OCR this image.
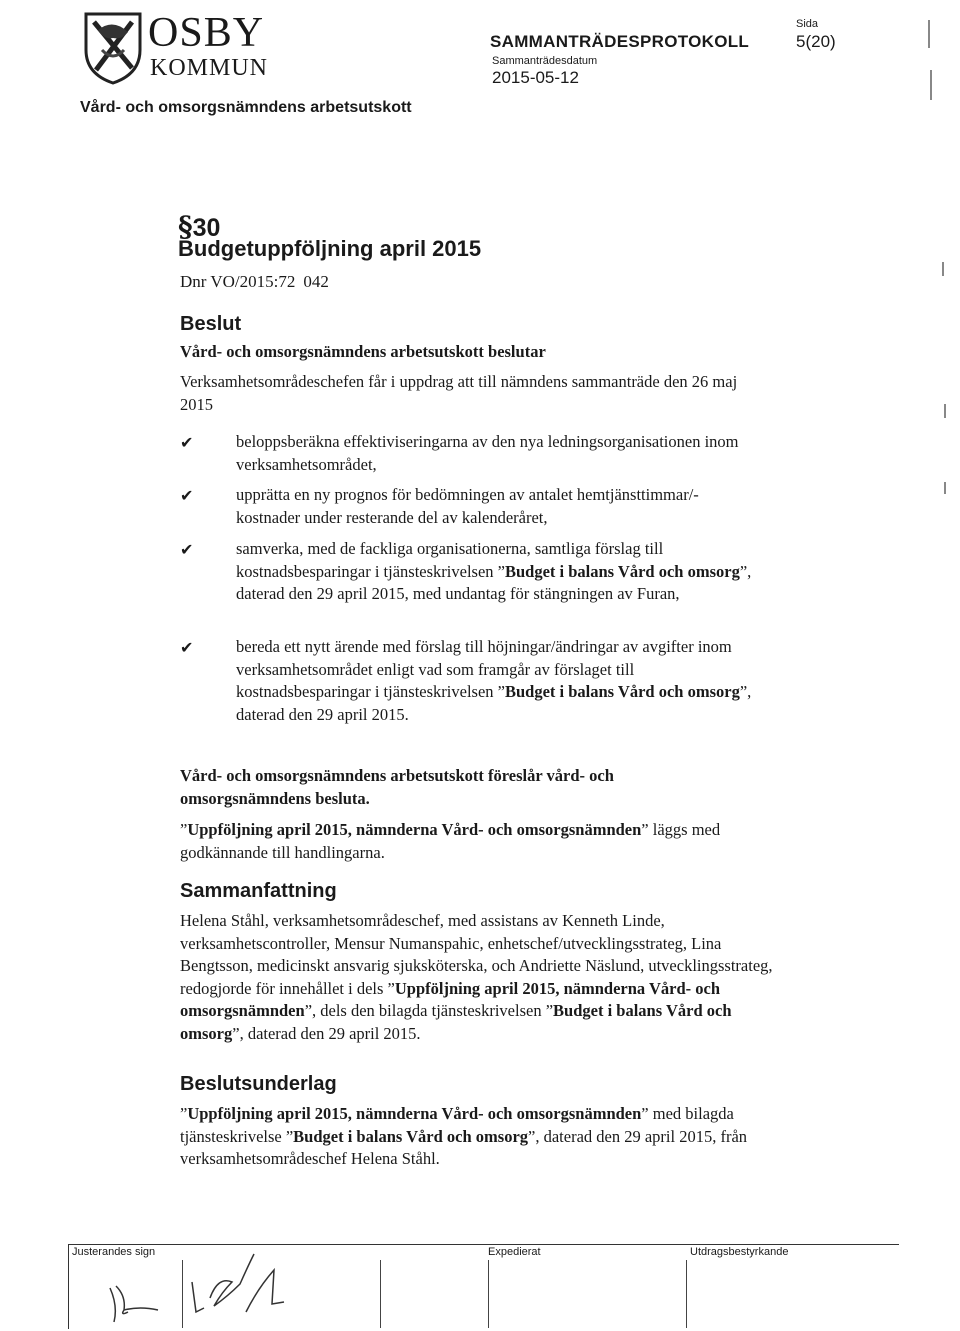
OSBY
KOMMUN
SAMMANTRÄDESPROTOKOLL
Sammanträdesdatum
2015-05-12
Sida
5(20)
Vård- och omsorgsnämndens arbetsutskott
§30
Budgetuppföljning april 2015
Dnr VO/2015:72 042
Beslut
Vård- och omsorgsnämndens arbetsutskott beslutar
Verksamhetsområdeschefen får i uppdrag att till nämndens sammanträde den 26 maj 2015
✔	beloppsberäkna effektiviseringarna av den nya ledningsorganisationen inom verksamhetsområdet,
✔	upprätta en ny prognos för bedömningen av antalet hemtjänsttimmar/-kostnader under resterande del av kalenderåret,
✔	samverka, med de fackliga organisationerna, samtliga förslag till kostnadsbesparingar i tjänsteskrivelsen ”Budget i balans Vård och omsorg”, daterad den 29 april 2015, med undantag för stängningen av Furan,
✔	bereda ett nytt ärende med förslag till höjningar/ändringar av avgifter inom verksamhetsområdet enligt vad som framgår av förslaget till kostnadsbesparingar i tjänsteskrivelsen ”Budget i balans Vård och omsorg”, daterad den 29 april 2015.
Vård- och omsorgsnämndens arbetsutskott föreslår vård- och omsorgsnämndens besluta.
”Uppföljning april 2015, nämnderna Vård- och omsorgsnämnden” läggs med godkännande till handlingarna.
Sammanfattning
Helena Ståhl, verksamhetsområdeschef, med assistans av Kenneth Linde, verksamhetscontroller, Mensur Numanspahic, enhetschef/utvecklingsstrateg, Lina Bengtsson, medicinskt ansvarig sjuksköterska, och Andriette Näslund, utvecklingsstrateg, redogjorde för innehållet i dels ”Uppföljning april 2015, nämnderna Vård- och omsorgsnämnden”, dels den bilagda tjänsteskrivelsen ”Budget i balans Vård och omsorg”, daterad den 29 april 2015.
Beslutsunderlag
”Uppföljning april 2015, nämnderna Vård- och omsorgsnämnden” med bilagda tjänsteskrivelse ”Budget i balans Vård och omsorg”, daterad den 29 april 2015, från verksamhetsområdeschef Helena Ståhl.
Justerandes sign	Expedierat	Utdragsbestyrkande
